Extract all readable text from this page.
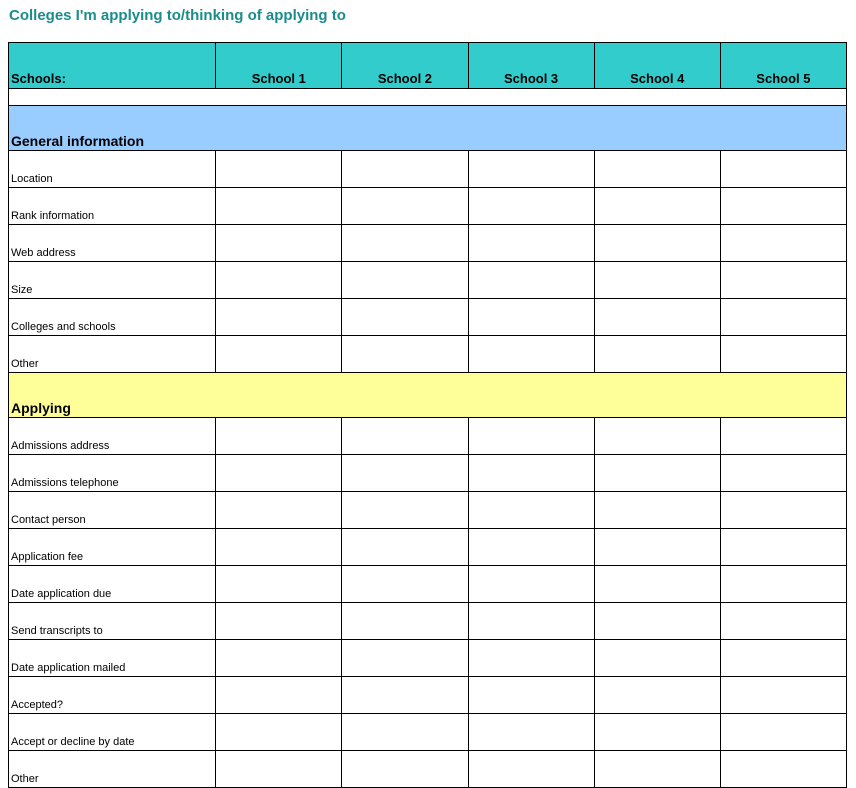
Colleges I'm applying to/thinking of applying to
Schools:	School 1	School 2	School 3	School 4	School 5

General information					
Location					
Rank information					
Web address					
Size					
Colleges and schools					
Other					
Applying					
Admissions address					
Admissions telephone					
Contact person					
Application fee					
Date application due					
Send transcripts to					
Date application mailed					
Accepted?					
Accept or decline by date					
Other					
